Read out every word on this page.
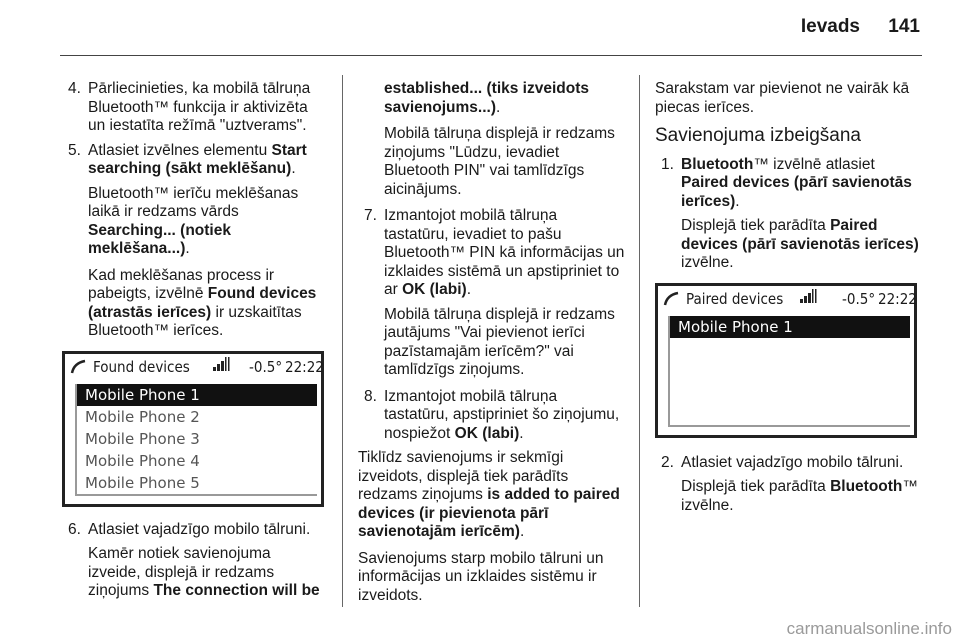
Ievads 141
4. Pārliecinieties, ka mobilā tālruņa Bluetooth™ funkcija ir aktivizēta un iestatīta režīmā "uztverams".
5. Atlasiet izvēlnes elementu Start searching (sākt meklēšanu).

Bluetooth™ ierīču meklēšanas laikā ir redzams vārds Searching... (notiek meklēšana...).

Kad meklēšanas process ir pabeigts, izvēlnē Found devices (atrastās ierīces) ir uzskaitītas Bluetooth™ ierīces.

Found devices	-0.5° 22:22
Mobile Phone 1
Mobile Phone 2
Mobile Phone 3
Mobile Phone 4
Mobile Phone 5
6. Atlasiet vajadzīgo mobilo tālruni.

Kamēr notiek savienojuma izveide, displejā ir redzams ziņojums The connection will be

established... (tiks izveidots savienojums...).

Mobilā tālruņa displejā ir redzams ziņojums "Lūdzu, ievadiet Bluetooth PIN" vai tamlīdzīgs aicinājums.

7. Izmantojot mobilā tālruņa tastatūru, ievadiet to pašu Bluetooth™ PIN kā informācijas un izklaides sistēmā un apstipriniet to ar OK (labi).

Mobilā tālruņa displejā ir redzams jautājums "Vai pievienot ierīci pazīstamajām ierīcēm?" vai tamlīdzīgs ziņojums.

8. Izmantojot mobilā tālruņa tastatūru, apstipriniet šo ziņojumu, nospiežot OK (labi).

Tiklīdz savienojums ir sekmīgi izveidots, displejā tiek parādīts redzams ziņojums is added to paired devices (ir pievienota pārī savienotajām ierīcēm).

Savienojums starp mobilo tālruni un informācijas un izklaides sistēmu ir izveidots.

Sarakstam var pievienot ne vairāk kā piecas ierīces.

Savienojuma izbeigšana
1. Bluetooth™ izvēlnē atlasiet Paired devices (pārī savienotās ierīces).

Displejā tiek parādīta Paired devices (pārī savienotās ierīces) izvēlne.

Paired devices	-0.5° 22:22
Mobile Phone 1
2. Atlasiet vajadzīgo mobilo tālruni.

Displejā tiek parādīta Bluetooth™ izvēlne.

carmanualsonline.info
